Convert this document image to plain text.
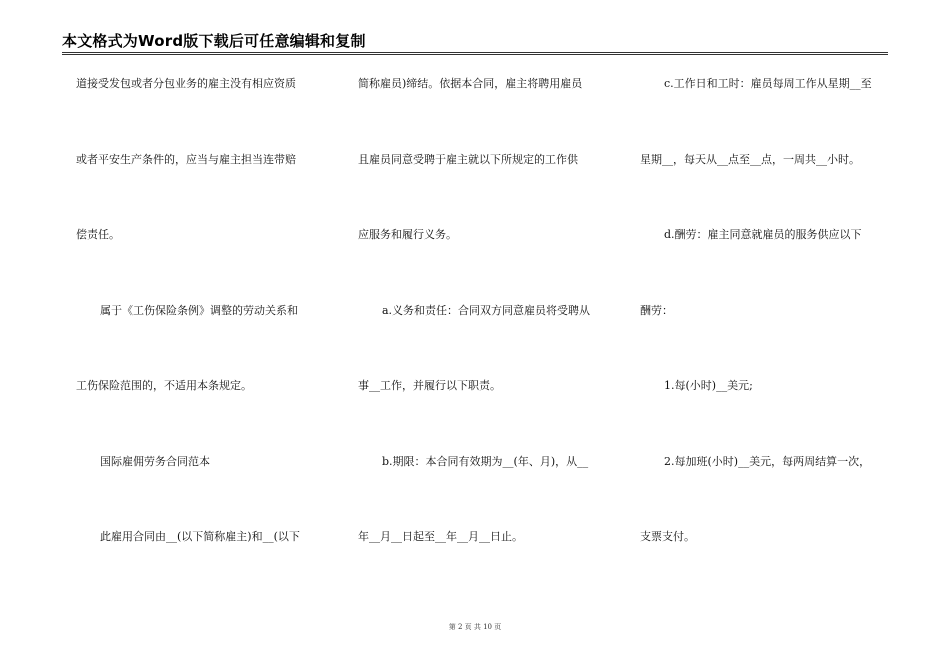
本文格式为Word版下载后可任意编辑和复制
道接受发包或者分包业务的雇主没有相应资质
或者平安生产条件的，应当与雇主担当连带赔
偿责任。
属于《工伤保险条例》调整的劳动关系和
工伤保险范围的，不适用本条规定。
国际雇佣劳务合同范本
此雇用合同由__(以下简称雇主)和__(以下
简称雇员)缔结。依据本合同，雇主将聘用雇员
且雇员同意受聘于雇主就以下所规定的工作供
应服务和履行义务。
a.义务和责任：合同双方同意雇员将受聘从
事__工作，并履行以下职责。
b.期限：本合同有效期为__(年、月)，从__
年__月__日起至__年__月__日止。
c.工作日和工时：雇员每周工作从星期__至
星期__，每天从__点至__点，一周共__小时。
d.酬劳：雇主同意就雇员的服务供应以下
酬劳：
1.每(小时)__美元;
2.每加班(小时)__美元，每两周结算一次，
支票支付。
第 2 页 共 10 页
